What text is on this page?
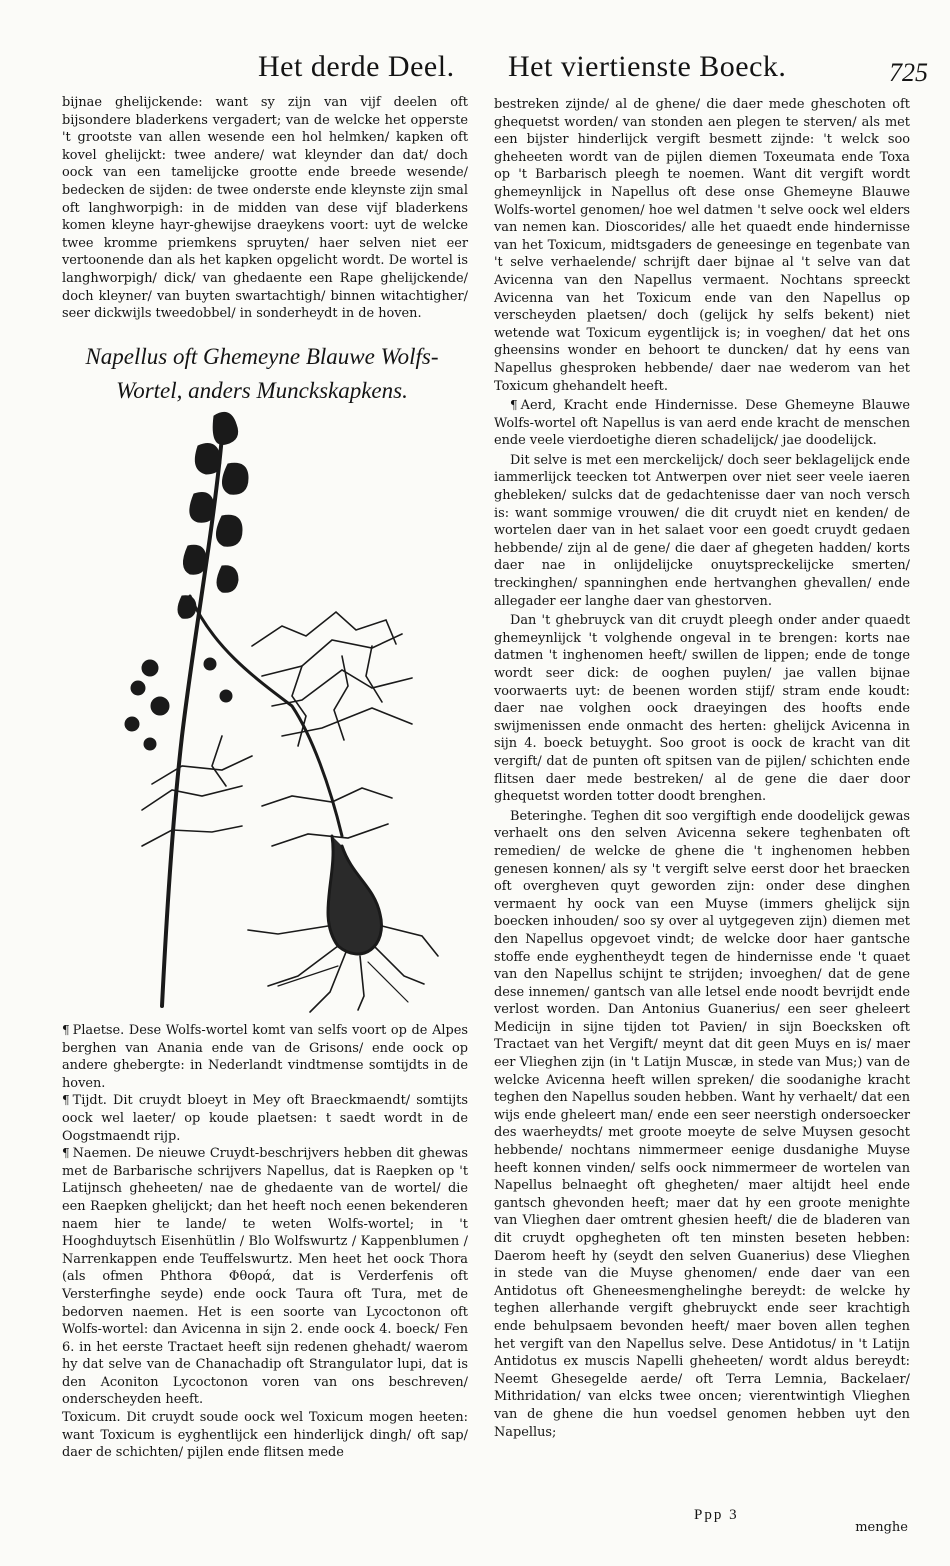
Het derde Deel. Het viertienste Boeck.	725

bijnae ghelijckende: want sy zijn van vijf deelen oft bijsondere bladerkens vergadert; van de welcke het opperste 't grootste van allen wesende een hol helmken/ kapken oft kovel ghelijckt: twee andere/ wat kleynder dan dat/ doch oock van een tamelijcke grootte ende breede wesende/ bedecken de sijden: de twee onderste ende kleynste zijn smal oft langhworpigh: in de midden van dese vijf bladerkens komen kleyne hayr-ghewijse draeykens voort: uyt de welcke twee kromme priemkens spruyten/ haer selven niet eer vertoonende dan als het kapken opgelicht wordt. De wortel is langhworpigh/ dick/ van ghedaente een Rape ghelijckende/ doch kleyner/ van buyten swartachtigh/ binnen witachtigher/ seer dickwijls tweedobbel/ in sonderheydt in de hoven.

Napellus oft Ghemeyne Blauwe Wolfs-
Wortel, anders Munckskapkens.

¶ Plaetse. Dese Wolfs-wortel komt van selfs voort op de Alpes berghen van Anania ende van de Grisons/ ende oock op andere ghebergte: in Nederlandt vindtmense somtijdts in de hoven.

¶ Tijdt. Dit cruydt bloeyt in Mey oft Braeckmaendt/ somtijts oock wel laeter/ op koude plaetsen: t saedt wordt in de Oogstmaendt rijp.

¶ Naemen. De nieuwe Cruydt-beschrijvers hebben dit ghewas met de Barbarische schrijvers Napellus, dat is Raepken op 't Latijnsch gheheeten/ nae de ghedaente van de wortel/ die een Raepken ghelijckt; dan het heeft noch eenen bekenderen naem hier te lande/ te weten Wolfs-wortel; in 't Hooghduytsch Eisenhütlin / Blo Wolfswurtz / Kappenblumen / Narrenkappen ende Teuffelswurtz. Men heet het oock Thora (als ofmen Phthora Φθορά, dat is Verderfenis oft Versterfinghe seyde) ende oock Taura oft Tura, met de bedorven naemen. Het is een soorte van Lycoctonon oft Wolfs-wortel: dan Avicenna in sijn 2. ende oock 4. boeck/ Fen 6. in het eerste Tractaet heeft sijn redenen ghehadt/ waerom hy dat selve van de Chanachadip oft Strangulator lupi, dat is den Aconiton Lycoctonon voren van ons beschreven/ onderscheyden heeft.

Toxicum. Dit cruydt soude oock wel Toxicum mogen heeten: want Toxicum is eyghentlijck een hinderlijck dingh/ oft sap/ daer de schichten/ pijlen ende flitsen mede

bestreken zijnde/ al de ghene/ die daer mede gheschoten oft ghequetst worden/ van stonden aen plegen te sterven/ als met een bijster hinderlijck vergift besmett zijnde: 't welck soo gheheeten wordt van de pijlen diemen Toxeumata ende Toxa op 't Barbarisch pleegh te noemen. Want dit vergift wordt ghemeynlijck in Napellus oft dese onse Ghemeyne Blauwe Wolfs-wortel genomen/ hoe wel datmen 't selve oock wel elders van nemen kan. Dioscorides/ alle het quaedt ende hindernisse van het Toxicum, midtsgaders de geneesinge en tegenbate van 't selve verhaelende/ schrijft daer bijnae al 't selve van dat Avicenna van den Napellus vermaent. Nochtans spreeckt Avicenna van het Toxicum ende van den Napellus op verscheyden plaetsen/ doch (gelijck hy selfs bekent) niet wetende wat Toxicum eygentlijck is; in voeghen/ dat het ons gheensins wonder en behoort te duncken/ dat hy eens van Napellus ghesproken hebbende/ daer nae wederom van het Toxicum ghehandelt heeft.

¶ Aerd, Kracht ende Hindernisse. Dese Ghemeyne Blauwe Wolfs-wortel oft Napellus is van aerd ende kracht de menschen ende veele vierdoetighe dieren schadelijck/ jae doodelijck.

Dit selve is met een merckelijck/ doch seer beklagelijck ende iammerlijck teecken tot Antwerpen over niet seer veele iaeren ghebleken/ sulcks dat de gedachtenisse daer van noch versch is: want sommige vrouwen/ die dit cruydt niet en kenden/ de wortelen daer van in het salaet voor een goedt cruydt gedaen hebbende/ zijn al de gene/ die daer af ghegeten hadden/ korts daer nae in onlijdelijcke onuytspreckelijcke smerten/ treckinghen/ spanninghen ende hertvanghen ghevallen/ ende allegader eer langhe daer van ghestorven.

Dan 't ghebruyck van dit cruydt pleegh onder ander quaedt ghemeynlijck 't volghende ongeval in te brengen: korts nae datmen 't inghenomen heeft/ swillen de lippen; ende de tonge wordt seer dick: de ooghen puylen/ jae vallen bijnae voorwaerts uyt: de beenen worden stijf/ stram ende koudt: daer nae volghen oock draeyingen des hoofts ende swijmenissen ende onmacht des herten: ghelijck Avicenna in sijn 4. boeck betuyght. Soo groot is oock de kracht van dit vergift/ dat de punten oft spitsen van de pijlen/ schichten ende flitsen daer mede bestreken/ al de gene die daer door ghequetst worden totter doodt brenghen.

Beteringhe. Teghen dit soo vergiftigh ende doodelijck gewas verhaelt ons den selven Avicenna sekere teghenbaten oft remedien/ de welcke de ghene die 't inghenomen hebben genesen konnen/ als sy 't vergift selve eerst door het braecken oft overgheven quyt geworden zijn: onder dese dinghen vermaent hy oock van een Muyse (immers ghelijck sijn boecken inhouden/ soo sy over al uytgegeven zijn) diemen met den Napellus opgevoet vindt; de welcke door haer gantsche stoffe ende eyghentheydt tegen de hindernisse ende 't quaet van den Napellus schijnt te strijden; invoeghen/ dat de gene dese innemen/ gantsch van alle letsel ende noodt bevrijdt ende verlost worden. Dan Antonius Guanerius/ een seer gheleert Medicijn in sijne tijden tot Pavien/ in sijn Boecksken oft Tractaet van het Vergift/ meynt dat dit geen Muys en is/ maer eer Vlieghen zijn (in 't Latijn Muscæ, in stede van Mus;) van de welcke Avicenna heeft willen spreken/ die soodanighe kracht teghen den Napellus souden hebben. Want hy verhaelt/ dat een wijs ende gheleert man/ ende een seer neerstigh ondersoecker des waerheydts/ met groote moeyte de selve Muysen gesocht hebbende/ nochtans nimmermeer eenige dusdanighe Muyse heeft konnen vinden/ selfs oock nimmermeer de wortelen van Napellus belnaeght oft ghegheten/ maer altijdt heel ende gantsch ghevonden heeft; maer dat hy een groote menighte van Vlieghen daer omtrent ghesien heeft/ die de bladeren van dit cruydt opghegheten oft ten minsten beseten hebben: Daerom heeft hy (seydt den selven Guanerius) dese Vlieghen in stede van die Muyse ghenomen/ ende daer van een Antidotus oft Gheneesmenghelinghe bereydt: de welcke hy teghen allerhande vergift ghebruyckt ende seer krachtigh ende behulpsaem bevonden heeft/ maer boven allen teghen het vergift van den Napellus selve. Dese Antidotus/ in 't Latijn Antidotus ex muscis Napelli gheheeten/ wordt aldus bereydt: Neemt Ghesegelde aerde/ oft Terra Lemnia, Backelaer/ Mithridation/ van elcks twee oncen; vierentwintigh Vlieghen van de ghene die hun voedsel genomen hebben uyt den Napellus;

Ppp 3
menghe
